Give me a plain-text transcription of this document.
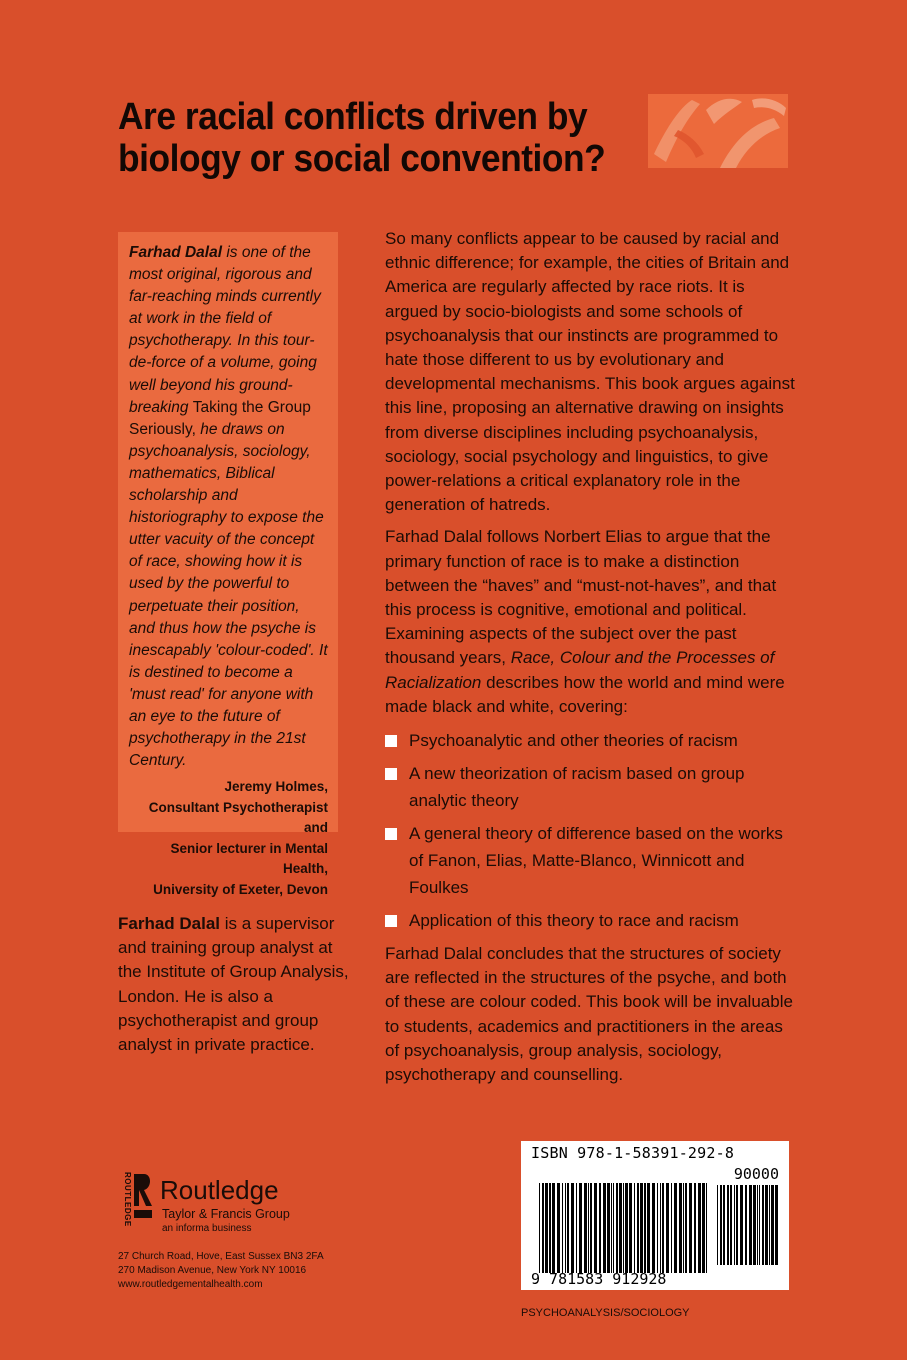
Are racial conflicts driven by
biology or social convention?
Farhad Dalal is one of the most original, rigorous and far-reaching minds currently at work in the field of psychotherapy. In this tour-de-force of a volume, going well beyond his ground-breaking Taking the Group Seriously, he draws on psychoanalysis, sociology, mathematics, Biblical scholarship and historiography to expose the utter vacuity of the concept of race, showing how it is used by the powerful to perpetuate their position, and thus how the psyche is inescapably 'colour-coded'. It is destined to become a 'must read' for anyone with an eye to the future of psychotherapy in the 21st Century.
Jeremy Holmes,
Consultant Psychotherapist and
Senior lecturer in Mental Health,
University of Exeter, Devon
Farhad Dalal is a supervisor and training group analyst at the Institute of Group Analysis, London. He is also a psychotherapist and group analyst in private practice.

So many conflicts appear to be caused by racial and ethnic difference; for example, the cities of Britain and America are regularly affected by race riots. It is argued by socio-biologists and some schools of psychoanalysis that our instincts are programmed to hate those different to us by evolutionary and developmental mechanisms. This book argues against this line, proposing an alternative drawing on insights from diverse disciplines including psychoanalysis, sociology, social psychology and linguistics, to give power-relations a critical explanatory role in the generation of hatreds.

Farhad Dalal follows Norbert Elias to argue that the primary function of race is to make a distinction between the “haves” and “must-not-haves”, and that this process is cognitive, emotional and political. Examining aspects of the subject over the past thousand years, Race, Colour and the Processes of Racialization describes how the world and mind were made black and white, covering:

Psychoanalytic and other theories of racism
A new theorization of racism based on group analytic theory
A general theory of difference based on the works of Fanon, Elias, Matte-Blanco, Winnicott and Foulkes
Application of this theory to race and racism

Farhad Dalal concludes that the structures of society are reflected in the structures of the psyche, and both of these are colour coded. This book will be invaluable to students, academics and practitioners in the areas of psychoanalysis, group analysis, sociology, psychotherapy and counselling.

ROUTLEDGE Routledge
Taylor & Francis Group
an informa business
27 Church Road, Hove, East Sussex BN3 2FA
270 Madison Avenue, New York NY 10016
www.routledgementalhealth.com
ISBN 978-1-58391-292-8
90000
9 781583 912928
PSYCHOANALYSIS/SOCIOLOGY
